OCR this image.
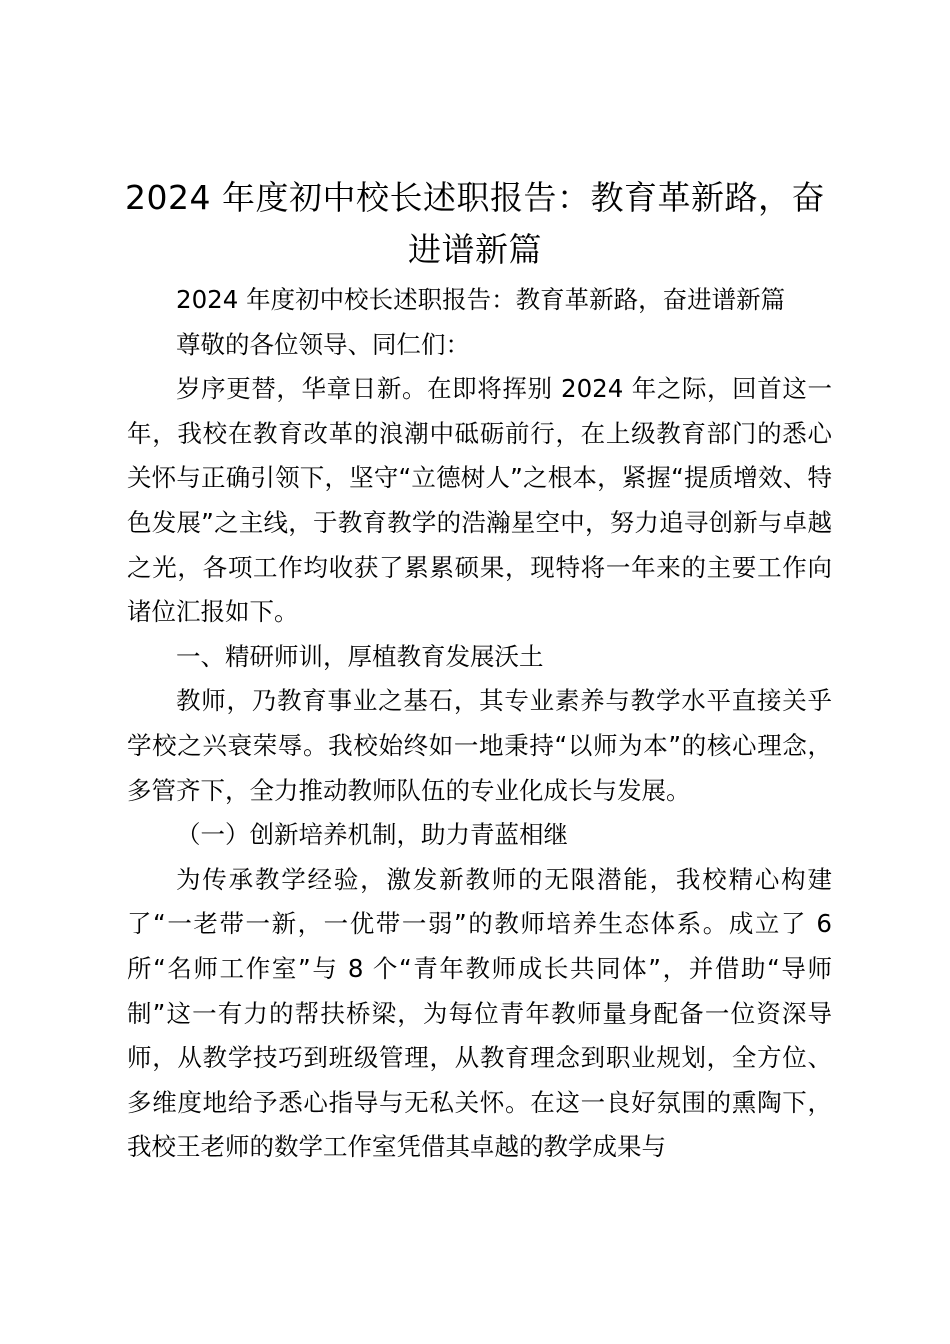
2024 年度初中校长述职报告：教育革新路，奋进谱新篇

2024 年度初中校长述职报告：教育革新路，奋进谱新篇

尊敬的各位领导、同仁们：

岁序更替，华章日新。在即将挥别 2024 年之际，回首这一年，我校在教育改革的浪潮中砥砺前行，在上级教育部门的悉心关怀与正确引领下，坚守“立德树人”之根本，紧握“提质增效、特色发展”之主线，于教育教学的浩瀚星空中，努力追寻创新与卓越之光，各项工作均收获了累累硕果，现特将一年来的主要工作向诸位汇报如下。

一、精研师训，厚植教育发展沃土

教师，乃教育事业之基石，其专业素养与教学水平直接关乎学校之兴衰荣辱。我校始终如一地秉持“以师为本”的核心理念，多管齐下，全力推动教师队伍的专业化成长与发展。

（一）创新培养机制，助力青蓝相继

为传承教学经验，激发新教师的无限潜能，我校精心构建了“一老带一新，一优带一弱”的教师培养生态体系。成立了 6 所“名师工作室”与 8 个“青年教师成长共同体”，并借助“导师制”这一有力的帮扶桥梁，为每位青年教师量身配备一位资深导师，从教学技巧到班级管理，从教育理念到职业规划，全方位、多维度地给予悉心指导与无私关怀。在这一良好氛围的熏陶下，我校王老师的数学工作室凭借其卓越的教学成果与
